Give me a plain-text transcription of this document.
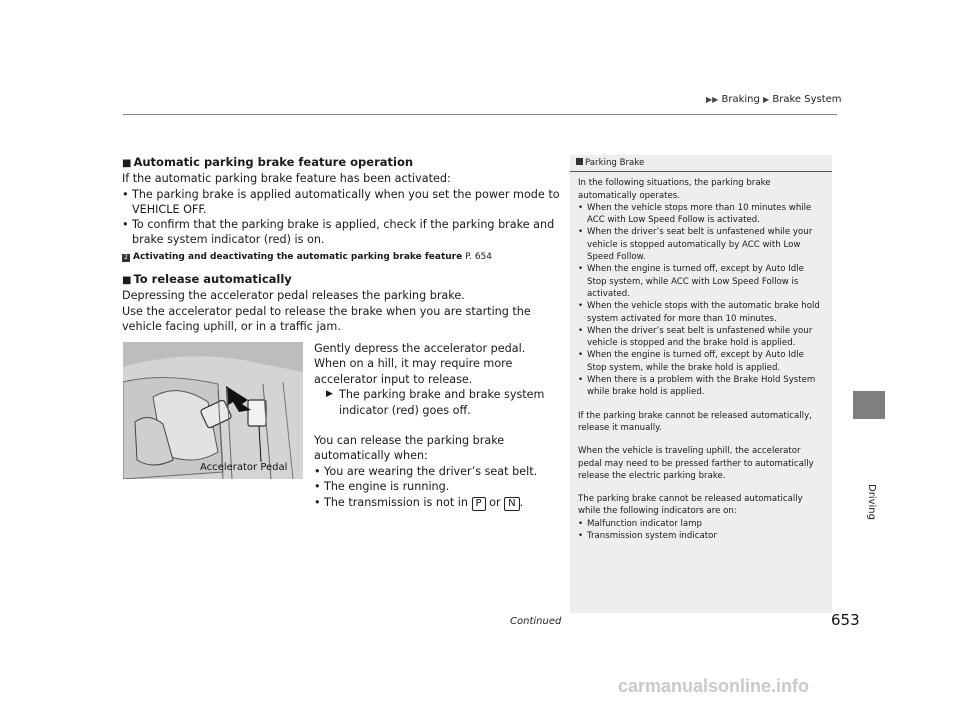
▶▶ Braking ▶ Brake System
Driving
■ Automatic parking brake feature operation
If the automatic parking brake feature has been activated:
• The parking brake is applied automatically when you set the power mode to VEHICLE OFF.
• To confirm that the parking brake is applied, check if the parking brake and brake system indicator (red) is on.
2 Activating and deactivating the automatic parking brake feature P. 654
■ To release automatically
Depressing the accelerator pedal releases the parking brake.
Use the accelerator pedal to release the brake when you are starting the vehicle facing uphill, or in a traffic jam.
Accelerator Pedal
Gently depress the accelerator pedal.
When on a hill, it may require more
accelerator input to release.
▶ The parking brake and brake system
indicator (red) goes off.
You can release the parking brake
automatically when:
• You are wearing the driver’s seat belt.
• The engine is running.
• The transmission is not in P or N .
Parking Brake

In the following situations, the parking brake automatically operates.

• When the vehicle stops more than 10 minutes while ACC with Low Speed Follow is activated.
• When the driver’s seat belt is unfastened while your vehicle is stopped automatically by ACC with Low Speed Follow.
• When the engine is turned off, except by Auto Idle Stop system, while ACC with Low Speed Follow is activated.
• When the vehicle stops with the automatic brake hold system activated for more than 10 minutes.
• When the driver’s seat belt is unfastened while your vehicle is stopped and the brake hold is applied.
• When the engine is turned off, except by Auto Idle Stop system, while the brake hold is applied.
• When there is a problem with the Brake Hold System while brake hold is applied.

If the parking brake cannot be released automatically, release it manually.

When the vehicle is traveling uphill, the accelerator pedal may need to be pressed farther to automatically release the electric parking brake.

The parking brake cannot be released automatically while the following indicators are on:

• Malfunction indicator lamp
• Transmission system indicator
Continued	653
carmanualsonline.info
